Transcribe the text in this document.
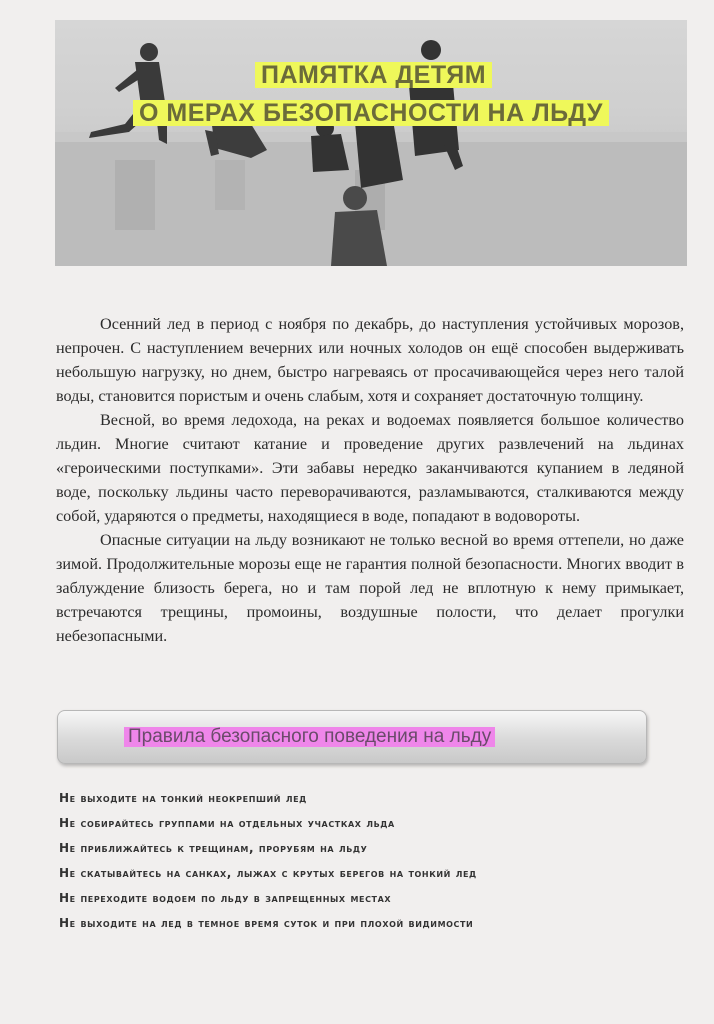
ПАМЯТКА ДЕТЯМ
О МЕРАХ БЕЗОПАСНОСТИ НА ЛЬДУ

Осенний лед в период с ноября по декабрь, до наступления устойчивых морозов, непрочен. С наступлением вечерних или ночных холодов он ещё способен выдерживать небольшую нагрузку, но днем, быстро нагреваясь от просачивающейся через него талой воды, становится пористым и очень слабым, хотя и сохраняет достаточную толщину.

Весной, во время ледохода, на реках и водоемах появляется большое количество льдин. Многие считают катание и проведение других развлечений на льдинах «героическими поступками». Эти забавы нередко заканчиваются купанием в ледяной воде, поскольку льдины часто переворачиваются, разламываются, сталкиваются между собой, ударяются о предметы, находящиеся в воде, попадают в водовороты.

Опасные ситуации на льду возникают не только весной во время оттепели, но даже зимой. Продолжительные морозы еще не гарантия полной безопасности. Многих вводит в заблуждение близость берега, но и там порой лед не вплотную к нему примыкает, встречаются трещины, промоины, воздушные полости, что делает прогулки небезопасными.

Правила безопасного поведения на льду
Не выходите на тонкий неокрепший лед
Не собирайтесь группами на отдельных участках льда
Не приближайтесь к трещинам, прорубям на льду
Не скатывайтесь на санках, лыжах с крутых берегов на тонкий лед
Не переходите водоем по льду в запрещенных местах
Не выходите на лед в темное время суток и при плохой видимости
